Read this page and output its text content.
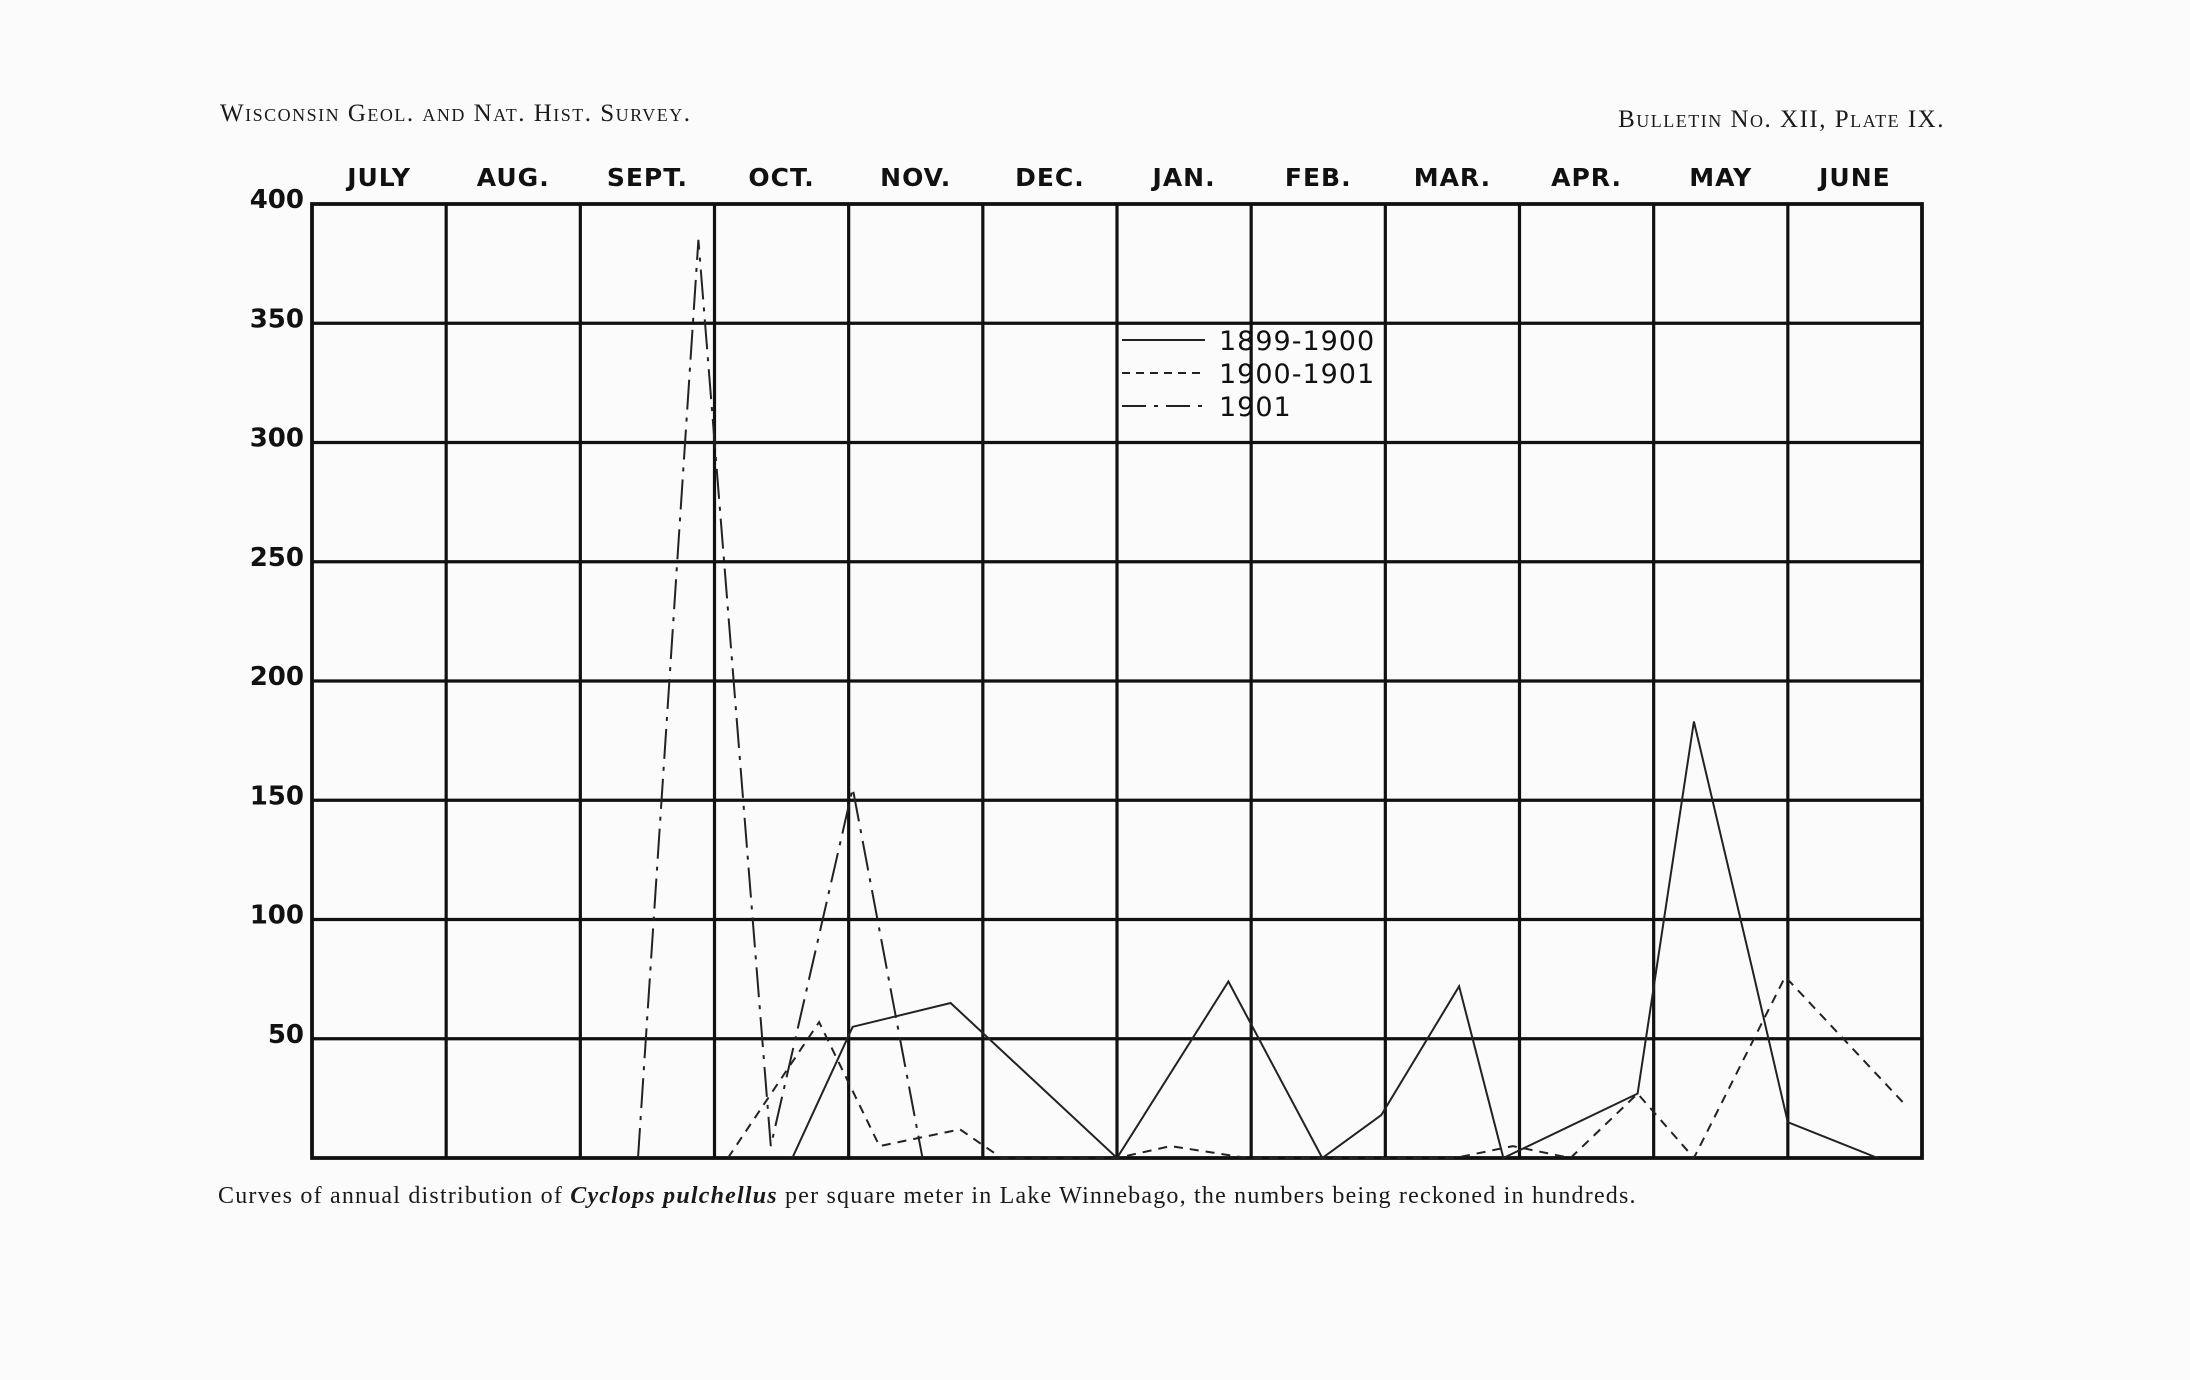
Wisconsin Geol. and Nat. Hist. Survey.	Bulletin No. XII, Plate IX.
JULY	AUG. SEPT. OCT.	NOV.	DEC.	JAN.	FEB. MAR. APR.	MAY	JUNE
50
100
150
200
250
300
350
400
1899-1900
1900-1901
1901
Curves of annual distribution of Cyclops pulchellus per square meter in Lake Winnebago, the numbers being reckoned in hundreds.
